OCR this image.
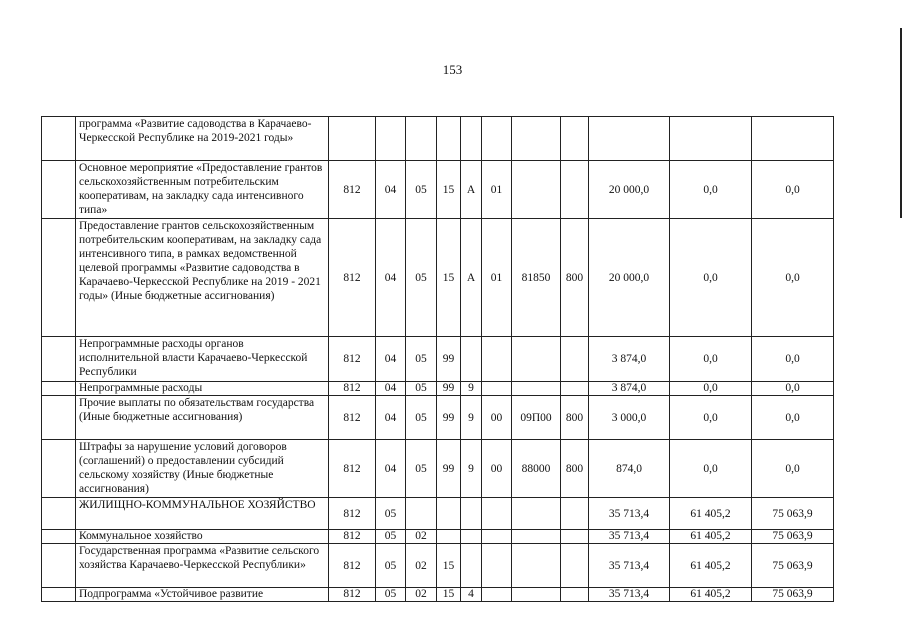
153
	программа «Развитие садоводства в Карачаево-Черкесской Республике на 2019-2021 годы»											
	Основное мероприятие «Предоставление грантов сельскохозяйственным потребительским кооперативам, на закладку сада интенсивного типа»	812	04	05	15	А	01			20 000,0	0,0	0,0
	Предоставление грантов сельскохозяйственным потребительским кооперативам, на закладку сада интенсивного типа, в рамках ведомственной целевой программы «Развитие садоводства в Карачаево-Черкесской Республике на 2019 - 2021 годы» (Иные бюджетные ассигнования)	812	04	05	15	А	01	81850	800	20 000,0	0,0	0,0
	Непрограммные расходы органов исполнительной власти Карачаево-Черкесской Республики	812	04	05	99					3 874,0	0,0	0,0
	Непрограммные расходы	812	04	05	99	9				3 874,0	0,0	0,0
	Прочие выплаты по обязательствам государства (Иные бюджетные ассигнования)	812	04	05	99	9	00	09П00	800	3 000,0	0,0	0,0
	Штрафы за нарушение условий договоров (соглашений) о предоставлении субсидий сельскому хозяйству (Иные бюджетные ассигнования)	812	04	05	99	9	00	88000	800	874,0	0,0	0,0
	ЖИЛИЩНО-КОММУНАЛЬНОЕ ХОЗЯЙСТВО	812	05							35 713,4	61 405,2	75 063,9
	Коммунальное хозяйство	812	05	02						35 713,4	61 405,2	75 063,9
	Государственная программа «Развитие сельского хозяйства Карачаево-Черкесской Республики»	812	05	02	15					35 713,4	61 405,2	75 063,9
	Подпрограмма «Устойчивое развитие	812	05	02	15	4				35 713,4	61 405,2	75 063,9
